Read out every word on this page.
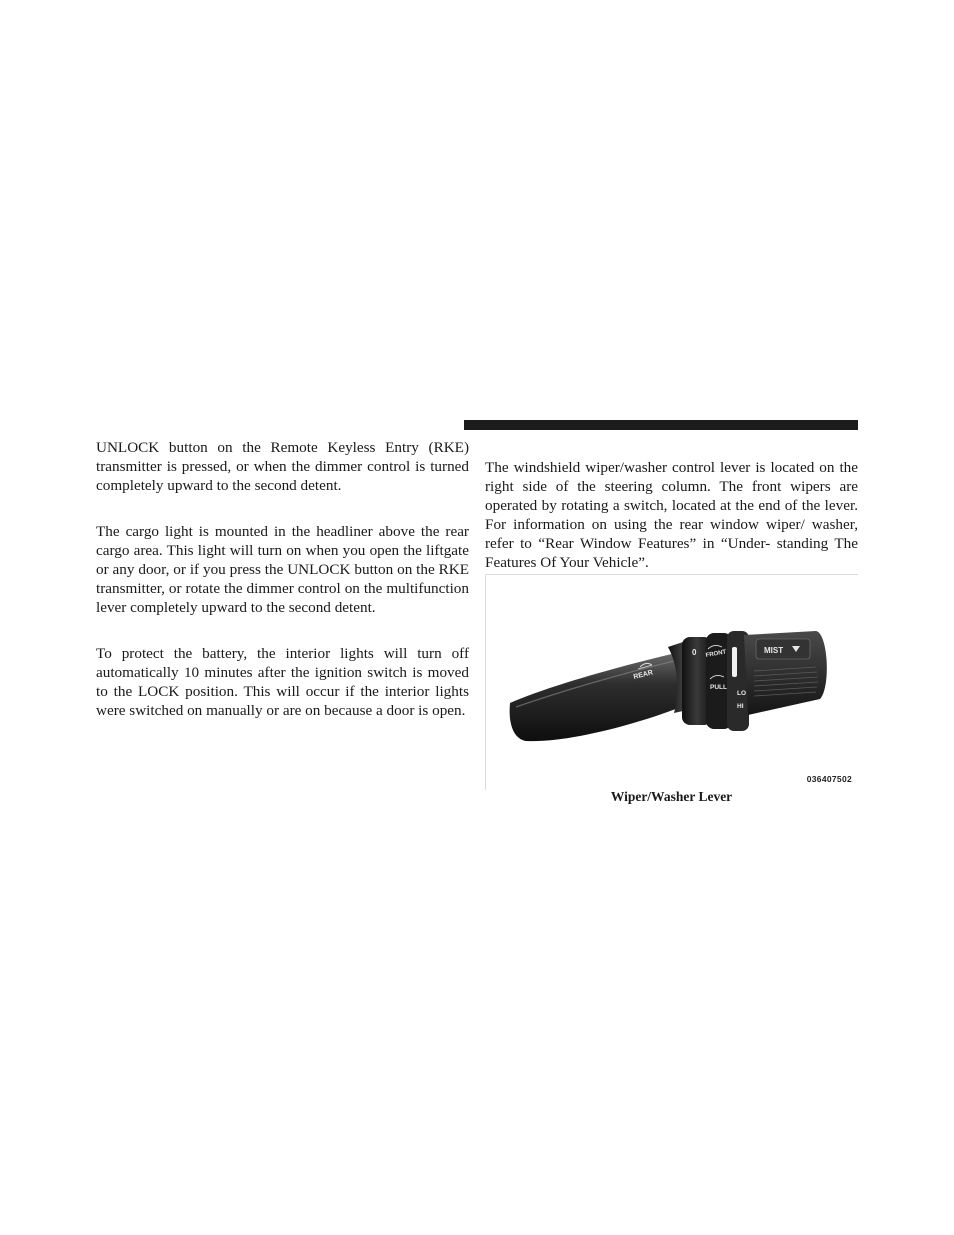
UNLOCK button on the Remote Keyless Entry (RKE) transmitter is pressed, or when the dimmer control is turned completely upward to the second detent.

The cargo light is mounted in the headliner above the rear cargo area. This light will turn on when you open the liftgate or any door, or if you press the UNLOCK button on the RKE transmitter, or rotate the dimmer control on the multifunction lever completely upward to the second detent.

To protect the battery, the interior lights will turn off automatically 10 minutes after the ignition switch is moved to the LOCK position. This will occur if the interior lights were switched on manually or are on because a door is open.

The windshield wiper/washer control lever is located on the right side of the steering column. The front wipers are operated by rotating a switch, located at the end of the lever. For information on using the rear window wiper/ washer, refer to “Rear Window Features” in “Under- standing The Features Of Your Vehicle”.

REAR
0 FRONT
PULL
LO
HI
MIST
036407502
Wiper/Washer Lever
